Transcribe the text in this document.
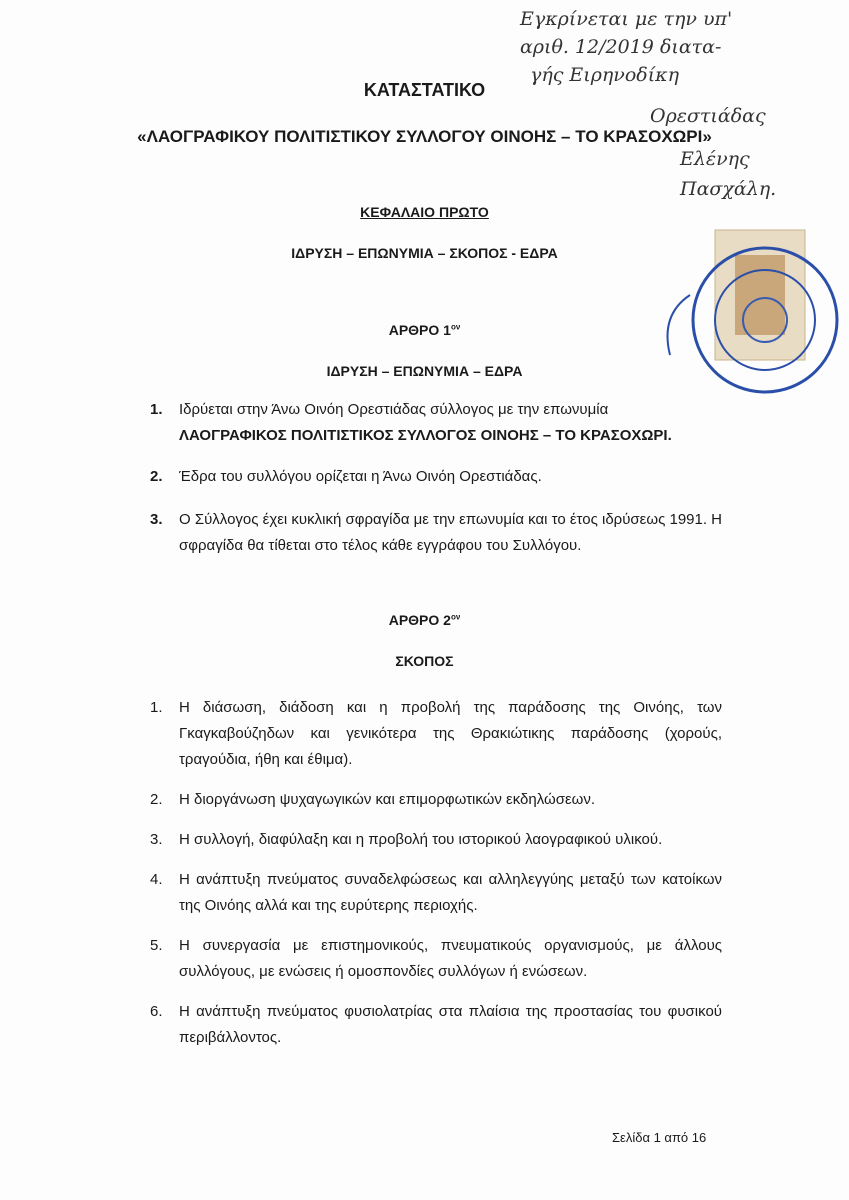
ΚΑΤΑΣΤΑΤΙΚΟ
«ΛΑΟΓΡΑΦΙΚΟΥ ΠΟΛΙΤΙΣΤΙΚΟΥ ΣΥΛΛΟΓΟΥ ΟΙΝΟΗΣ – ΤΟ ΚΡΑΣΟΧΩΡΙ»
Εγκρίνεται με την υπ'
αριθ. 12/2019 διατα-
γής Ειρηνοδίκη
Ορεστιάδας
Ελένης
Πασχάλη.
ΚΕΦΑΛΑΙΟ ΠΡΩΤΟ
ΙΔΡΥΣΗ – ΕΠΩΝΥΜΙΑ – ΣΚΟΠΟΣ - ΕΔΡΑ
ΑΡΘΡΟ $1^{o\nu}$
ΙΔΡΥΣΗ – ΕΠΩΝΥΜΙΑ – ΕΔΡΑ
1. Ιδρύεται στην Άνω Οινόη Ορεστιάδας σύλλογος με την επωνυμία
ΛΑΟΓΡΑΦΙΚΟΣ ΠΟΛΙΤΙΣΤΙΚΟΣ ΣΥΛΛΟΓΟΣ ΟΙΝΟΗΣ – ΤΟ ΚΡΑΣΟΧΩΡΙ.
2. Έδρα του συλλόγου ορίζεται η Άνω Οινόη Ορεστιάδας.
3. Ο Σύλλογος έχει κυκλική σφραγίδα με την επωνυμία και το έτος ιδρύσεως 1991. Η σφραγίδα θα τίθεται στο τέλος κάθε εγγράφου του Συλλόγου.
ΑΡΘΡΟ $2^{o\nu}$
ΣΚΟΠΟΣ
1. Η διάσωση, διάδοση και η προβολή της παράδοσης της Οινόης, των Γκαγκαβούζηδων και γενικότερα της Θρακιώτικης παράδοσης (χορούς, τραγούδια, ήθη και έθιμα).
2. Η διοργάνωση ψυχαγωγικών και επιμορφωτικών εκδηλώσεων.
3. Η συλλογή, διαφύλαξη και η προβολή του ιστορικού λαογραφικού υλικού.
4. Η ανάπτυξη πνεύματος συναδελφώσεως και αλληλεγγύης μεταξύ των κατοίκων της Οινόης αλλά και της ευρύτερης περιοχής.
5. Η συνεργασία με επιστημονικούς, πνευματικούς οργανισμούς, με άλλους συλλόγους, με ενώσεις ή ομοσπονδίες συλλόγων ή ενώσεων.
6. Η ανάπτυξη πνεύματος φυσιολατρίας στα πλαίσια της προστασίας του φυσικού περιβάλλοντος.
Σελίδα 1 από 16
